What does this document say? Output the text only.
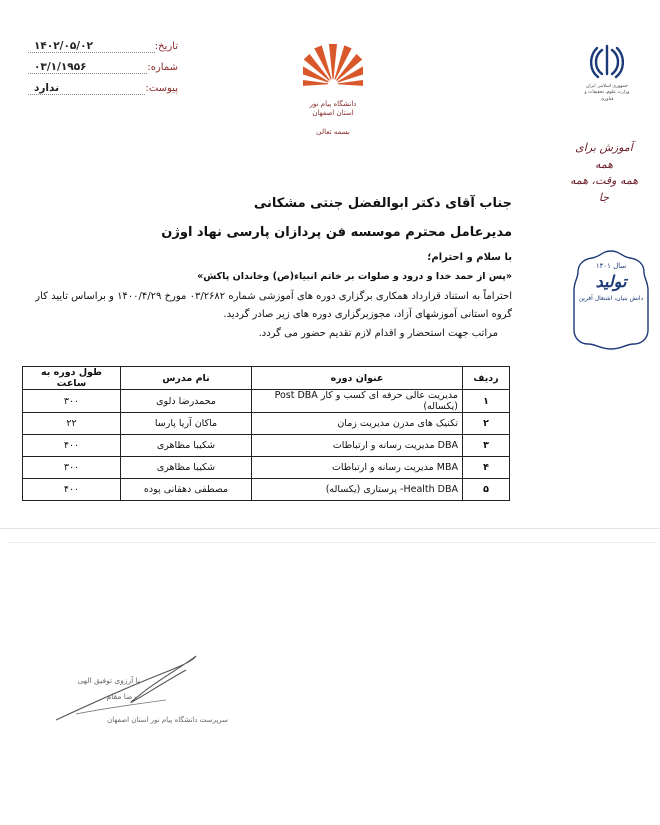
تاریخ:
۱۴۰۲/۰۵/۰۲
شماره:
۰۳/۱/۱۹۵۶
پیوست:
ندارد
دانشگاه پیام نور
استان اصفهان
بسمه تعالی
جمهوری اسلامی ایران
وزارت علوم، تحقیقات و فناوری
آموزش برای همه
همه وقت، همه جا
سال ۱۴۰۱
تولید
دانش بنیان، اشتغال آفرین

جناب آقای دکتر ابوالفضل جنتی مشکانی

مدیرعامل محترم موسسه فن پردازان پارسی نهاد اوژن

با سلام و احترام؛

«پس از حمد خدا و درود و صلوات بر خاتم انبیاء(ص) وخاندان پاکش»

احتراماً به استناد قرارداد همکاری برگزاری دوره های آموزشی شماره ۰۳/۲۶۸۲ مورخ ۱۴۰۰/۴/۲۹ و براساس تایید کار گروه استانی آموزشهای آزاد، مجوزبرگزاری دوره های زیر صادر گردید.

مراتب جهت استحضار و اقدام لازم تقدیم حضور می گردد.

ردیف	عنوان دوره	نام مدرس	طول دوره به ساعت
۱	مدیریت عالی حرفه ای کسب و کار Post DBA (یکساله)	محمدرضا دلوی	۳۰۰
۲	تکنیک های مدرن مدیریت زمان	ماکان آریا پارسا	۲۲
۳	DBA مدیریت رسانه و ارتباطات	شکیبا مظاهری	۴۰۰
۴	MBA مدیریت رسانه و ارتباطات	شکیبا مظاهری	۳۰۰
۵	Health DBA- پرستاری (یکساله)	مصطفی دهقانی پوده	۴۰۰
با آرزوی توفیق الهی
رضا مقام
سرپرست دانشگاه پیام نور استان اصفهان
